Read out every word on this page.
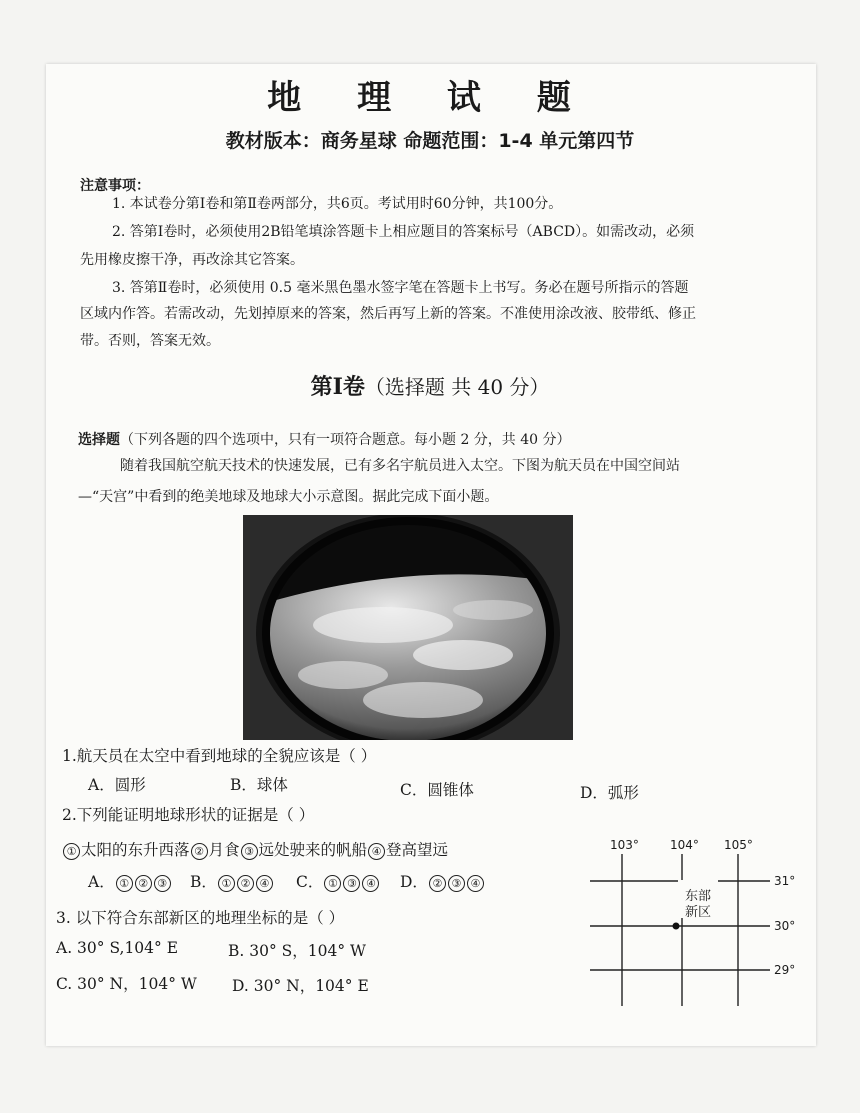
地 理 试 题
教材版本：商务星球 命题范围：1-4 单元第四节
注意事项：
1. 本试卷分第Ⅰ卷和第Ⅱ卷两部分，共6页。考试用时60分钟，共100分。
2. 答第Ⅰ卷时，必须使用2B铅笔填涂答题卡上相应题目的答案标号（ABCD）。如需改动，必须
先用橡皮擦干净，再改涂其它答案。
3. 答第Ⅱ卷时，必须使用 0.5 毫米黑色墨水签字笔在答题卡上书写。务必在题号所指示的答题
区域内作答。若需改动，先划掉原来的答案，然后再写上新的答案。不准使用涂改液、胶带纸、修正
带。否则，答案无效。
第Ⅰ卷（选择题 共 40 分）
选择题（下列各题的四个选项中，只有一项符合题意。每小题 2 分，共 40 分）
随着我国航空航天技术的快速发展，已有多名宇航员进入太空。下图为航天员在中国空间站
—“天宫”中看到的绝美地球及地球大小示意图。据此完成下面小题。
1.航天员在太空中看到地球的全貌应该是（ ）
A．圆形	B．球体	C．圆锥体	D．弧形
2.下列能证明地球形状的证据是（ ）
① 太阳的东升西落 ② 月食 ③ 远处驶来的帆船 ④ 登高望远
A． ① ② ③ B． ① ② ④ C． ① ③ ④ D． ② ③ ④
3. 以下符合东部新区的地理坐标的是（ ）
A. 30° S,104° E	B. 30° S，104° W
C. 30° N，104° W D. 30° N，104° E
103°	104° 105°
31°
30°
29°
东部
新区
